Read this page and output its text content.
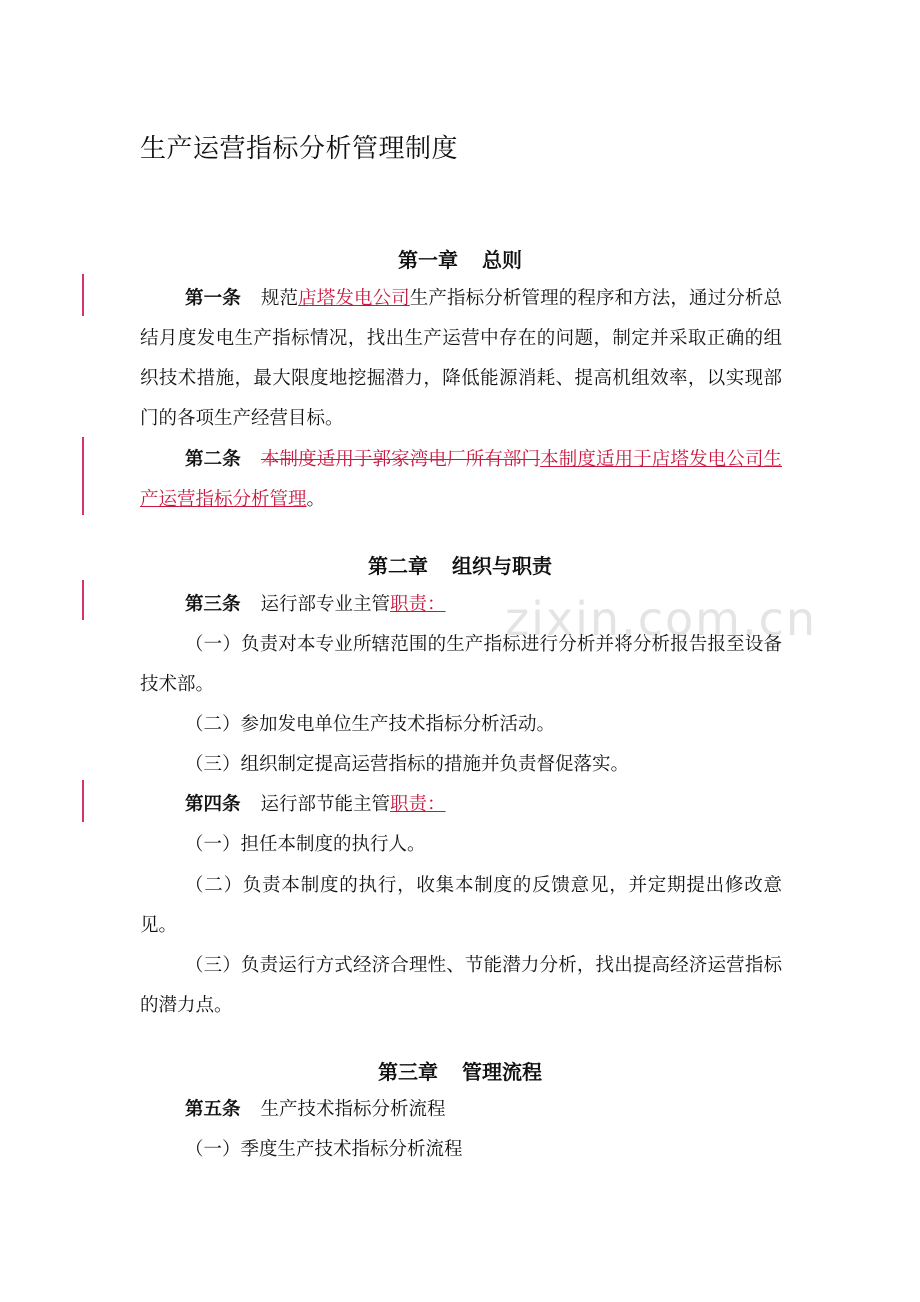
zixin.com.cn
生产运营指标分析管理制度
第一章 总则
第一条 规范店塔发电公司生产指标分析管理的程序和方法，通过分析总结月度发电生产指标情况，找出生产运营中存在的问题，制定并采取正确的组织技术措施，最大限度地挖掘潜力，降低能源消耗、提高机组效率，以实现部门的各项生产经营目标。
第二条 本制度适用于郭家湾电厂所有部门本制度适用于店塔发电公司生产运营指标分析管理。
第二章 组织与职责
第三条 运行部专业主管职责：
（一）负责对本专业所辖范围的生产指标进行分析并将分析报告报至设备技术部。
（二）参加发电单位生产技术指标分析活动。
（三）组织制定提高运营指标的措施并负责督促落实。
第四条 运行部节能主管职责：
（一）担任本制度的执行人。
（二）负责本制度的执行，收集本制度的反馈意见，并定期提出修改意见。
（三）负责运行方式经济合理性、节能潜力分析，找出提高经济运营指标的潜力点。
第三章 管理流程
第五条 生产技术指标分析流程
（一）季度生产技术指标分析流程
